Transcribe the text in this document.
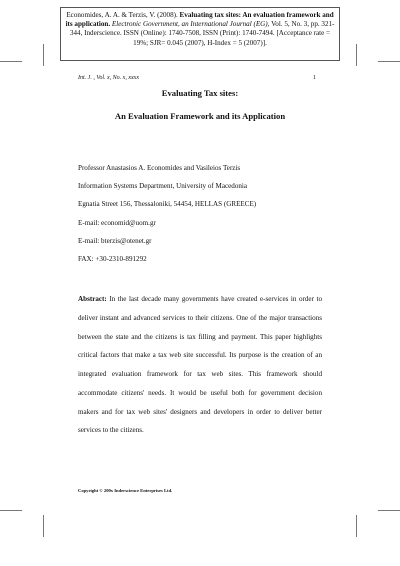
Economides, A. A. & Terzis, V. (2008). Evaluating tax sites: An evaluation framework and its application. Electronic Government, an International Journal (EG), Vol. 5, No. 3, pp. 321-344, Inderscience. ISSN (Online): 1740-7508, ISSN (Print): 1740-7494. [Acceptance rate = 19%; SJR= 0.045 (2007), H-Index = 5 (2007)].
Int. J. , Vol. x, No. x, xxxx	1
Evaluating Tax sites:
An Evaluation Framework and its Application
Professor Anastasios A. Economides and Vasileios Terzis
Information Systems Department, University of Macedonia
Egnatia Street 156, Thessaloniki, 54454, HELLAS (GREECE)
E-mail: economid@uom.gr
E-mail: bterzis@otenet.gr
FAX: +30-2310-891292
Abstract: In the last decade many governments have created e-services in order to deliver instant and advanced services to their citizens. One of the major transactions between the state and the citizens is tax filling and payment. This paper highlights critical factors that make a tax web site successful. Its purpose is the creation of an integrated evaluation framework for tax web sites. This framework should accommodate citizens' needs. It would be useful both for government decision makers and for tax web sites' designers and developers in order to deliver better services to the citizens.
Copyright © 200x Inderscience Enterprises Ltd.
